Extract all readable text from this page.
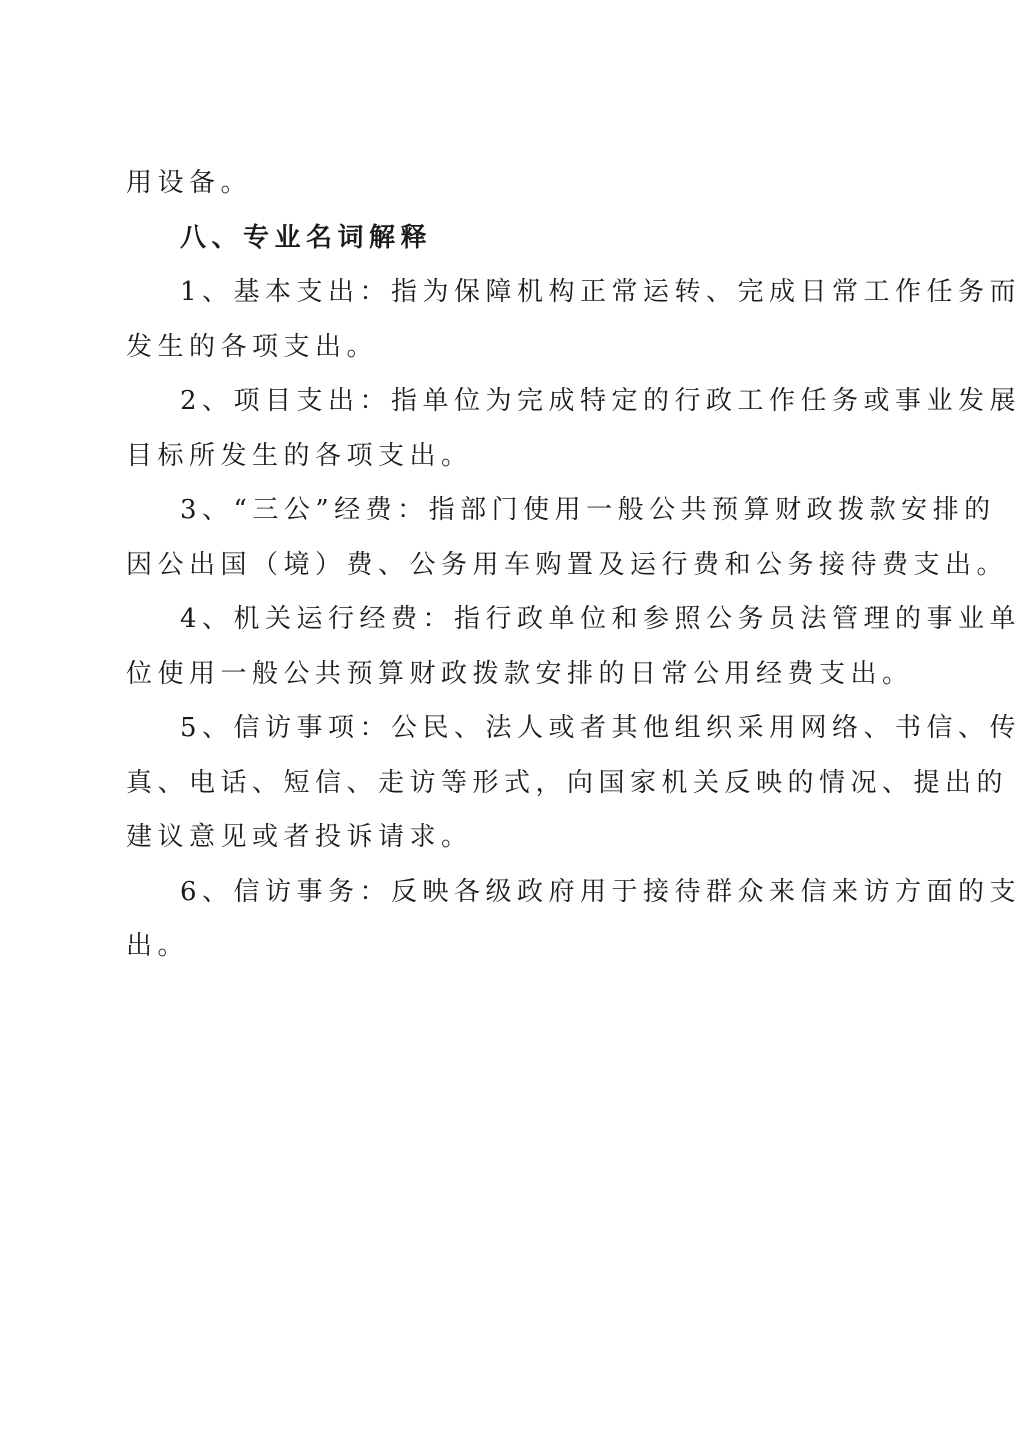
用设备。
八、专业名词解释
1、基本支出：指为保障机构正常运转、完成日常工作任务而
发生的各项支出。
2、项目支出：指单位为完成特定的行政工作任务或事业发展
目标所发生的各项支出。
3、“三公”经费：指部门使用一般公共预算财政拨款安排的
因公出国（境）费、公务用车购置及运行费和公务接待费支出。
4、机关运行经费：指行政单位和参照公务员法管理的事业单
位使用一般公共预算财政拨款安排的日常公用经费支出。
5、信访事项：公民、法人或者其他组织采用网络、书信、传
真、电话、短信、走访等形式，向国家机关反映的情况、提出的
建议意见或者投诉请求。
6、信访事务：反映各级政府用于接待群众来信来访方面的支
出。
